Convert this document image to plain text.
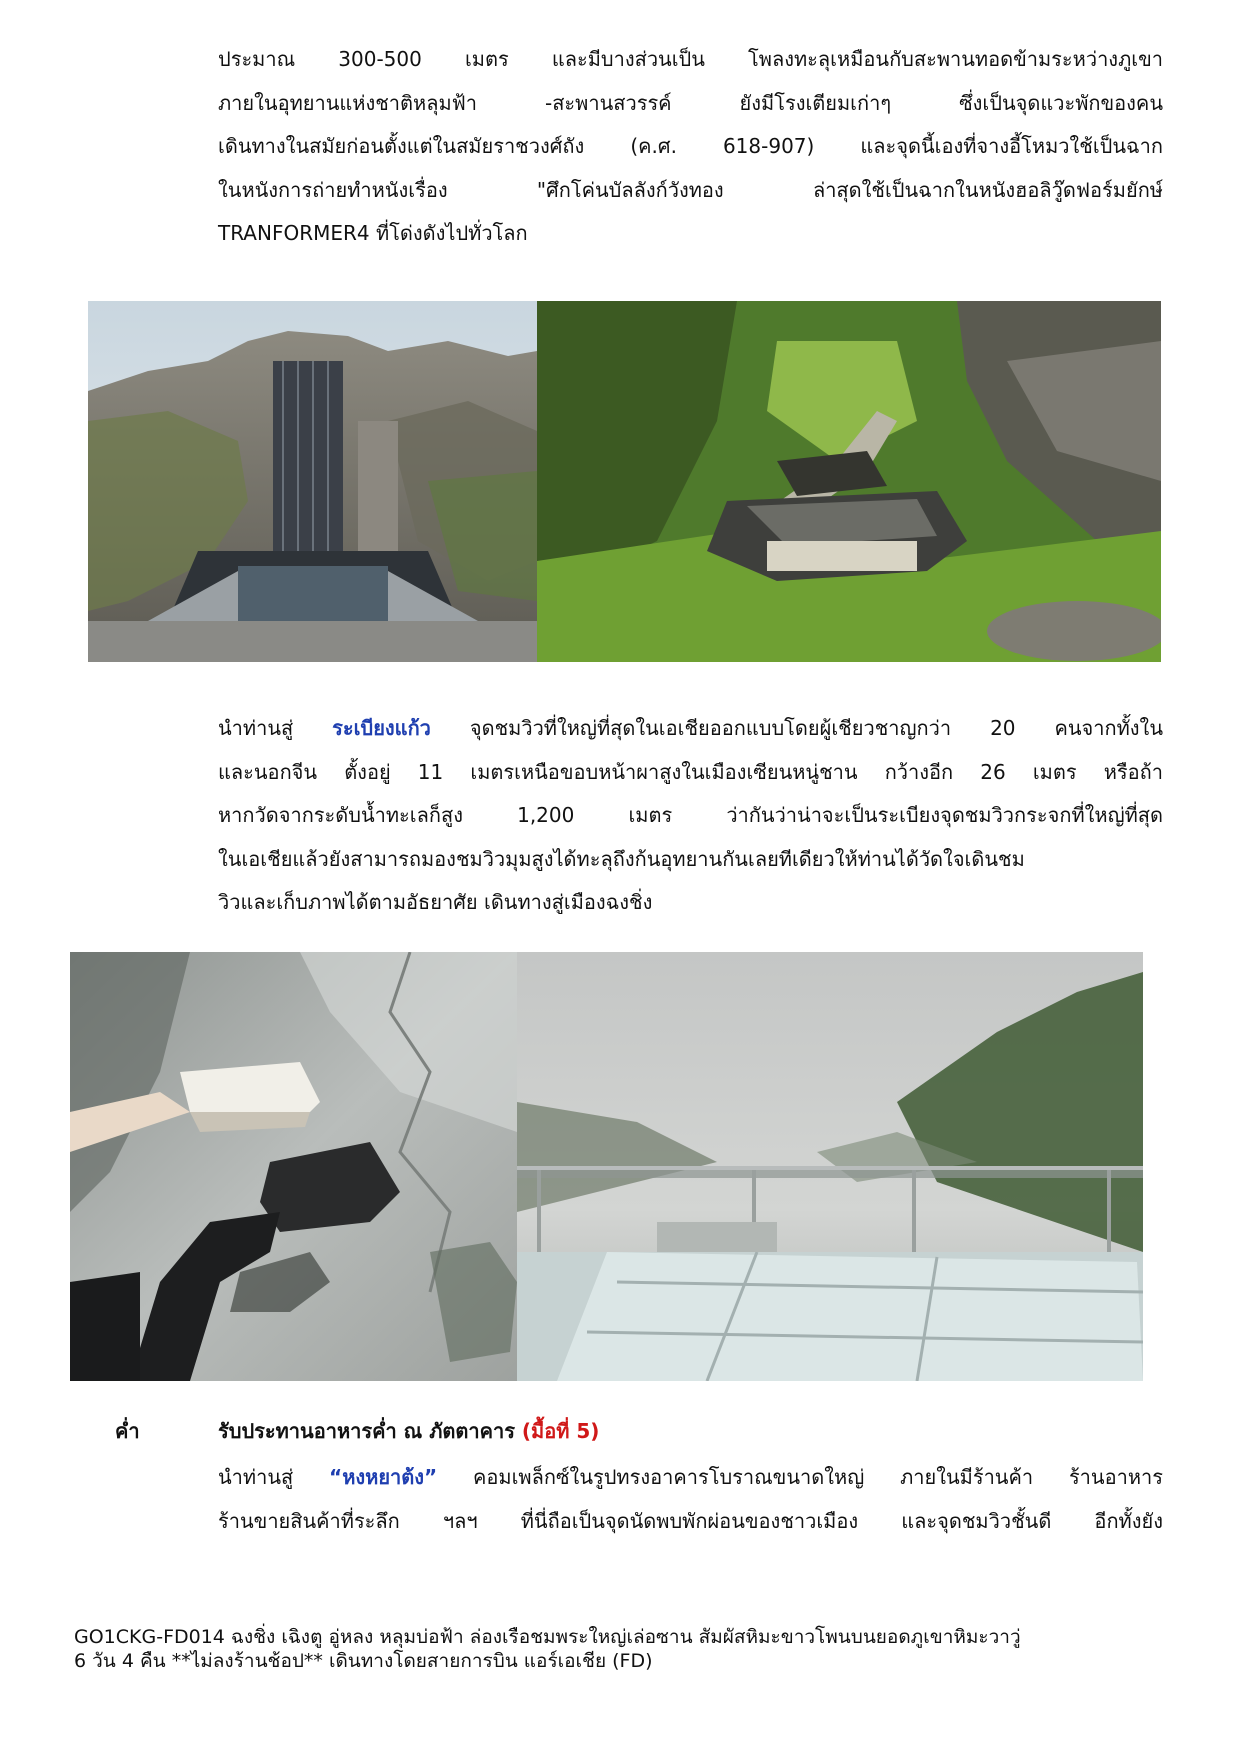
ประมาณ 300-500 เมตร และมีบางส่วนเป็น โพลงทะลุเหมือนกับสะพานทอดข้ามระหว่างภูเขา
ภายในอุทยานแห่งชาติหลุมฟ้า -สะพานสวรรค์ ยังมีโรงเตียมเก่าๆ ซึ่งเป็นจุดแวะพักของคน
เดินทางในสมัยก่อนตั้งแต่ในสมัยราชวงศ์ถัง (ค.ศ. 618-907) และจุดนี้เองที่จางอี้โหมวใช้เป็นฉาก
ในหนังการถ่ายทำหนังเรื่อง "ศึกโค่นบัลลังก์วังทอง ล่าสุดใช้เป็นฉากในหนังฮอลิวู๊ดฟอร์มยักษ์
TRANFORMER4 ที่โด่งดังไปทั่วโลก
นำท่านสู่ ระเบียงแก้ว จุดชมวิวที่ใหญ่ที่สุดในเอเชียออกแบบโดยผู้เชียวชาญกว่า 20 คนจากทั้งใน
และนอกจีน ตั้งอยู่ 11 เมตรเหนือขอบหน้าผาสูงในเมืองเซียนหนู่ชาน กว้างอีก 26 เมตร หรือถ้า
หากวัดจากระดับน้ำทะเลก็สูง 1,200 เมตร ว่ากันว่าน่าจะเป็นระเบียงจุดชมวิวกระจกที่ใหญ่ที่สุด
ในเอเชียแล้วยังสามารถมองชมวิวมุมสูงได้ทะลุถึงก้นอุทยานกันเลยทีเดียวให้ท่านได้วัดใจเดินชม
วิวและเก็บภาพได้ตามอัธยาศัย เดินทางสู่เมืองฉงชิ่ง
ค่ำ	รับประทานอาหารค่ำ ณ ภัตตาคาร (มื้อที่ 5)
นำท่านสู่ “หงหยาต้ง” คอมเพล็กซ์ในรูปทรงอาคารโบราณขนาดใหญ่ ภายในมีร้านค้า ร้านอาหาร
ร้านขายสินค้าที่ระลึก ฯลฯ ที่นี่ถือเป็นจุดนัดพบพักผ่อนของชาวเมือง และจุดชมวิวชั้นดี อีกทั้งยัง
GO1CKG-FD014 ฉงชิ่ง เฉิงตู อู่หลง หลุมบ่อฟ้า ล่องเรือชมพระใหญ่เล่อซาน สัมผัสหิมะขาวโพนบนยอดภูเขาหิมะวาวู่
6 วัน 4 คืน **ไม่ลงร้านช้อป** เดินทางโดยสายการบิน แอร์เอเชีย (FD)
